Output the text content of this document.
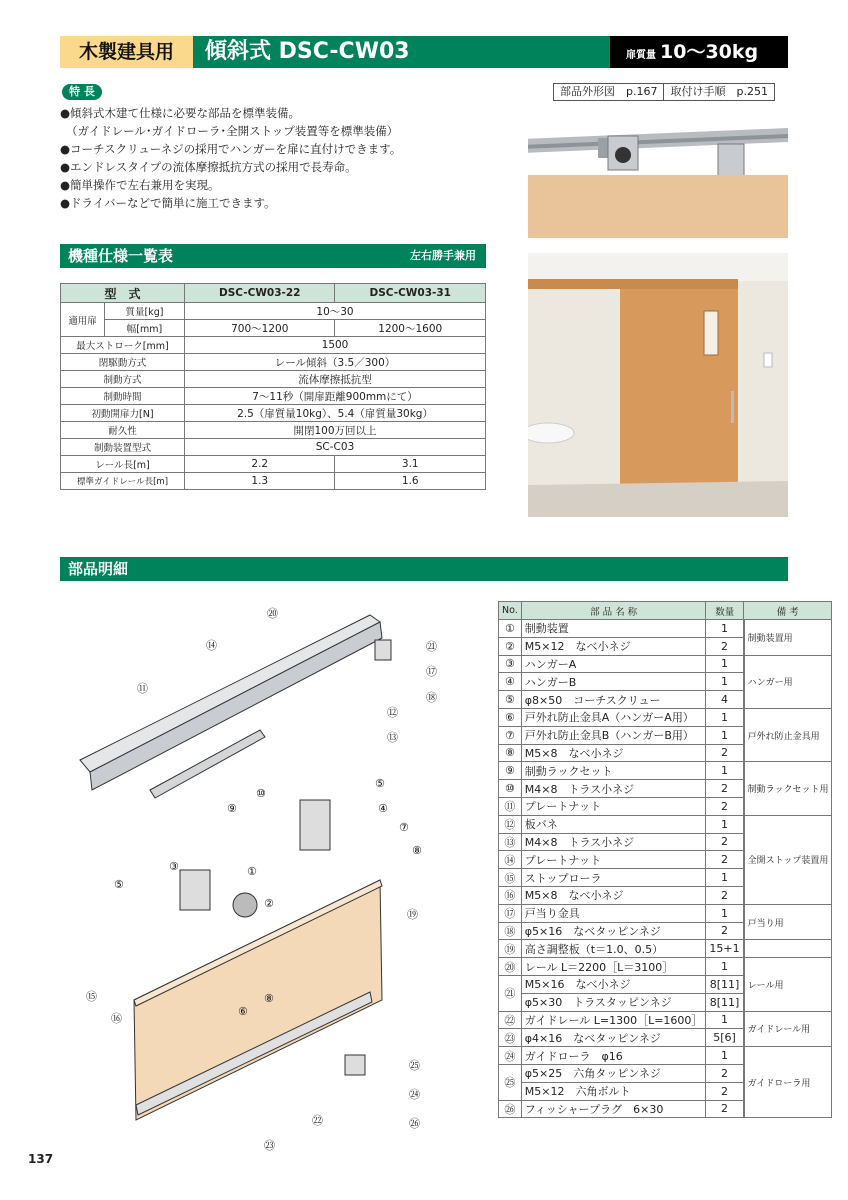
木製建具用	傾斜式 DSC-CW03	扉質量 10〜30kg
特 長
●傾斜式木建て仕様に必要な部品を標準装備。
（ガイドレール･ガイドローラ･全開ストップ装置等を標準装備）
●コーチスクリューネジの採用でハンガーを扉に直付けできます。
●エンドレスタイプの流体摩擦抵抗方式の採用で長寿命。
●簡単操作で左右兼用を実現。
●ドライバーなどで簡単に施工できます。
部品外形図　p.167	取付け手順　p.251
機種仕様一覧表	左右勝手兼用
型　式		DSC-CW03-22	DSC-CW03-31
適用扉	質量[kg]	10〜30	
	幅[mm]	700〜1200	1200〜1600
最大ストローク[mm]		1500	
閉駆動方式		レール傾斜（3.5／300）	
制動方式		流体摩擦抵抗型	
制動時間		7〜11秒（開扉距離900mmにて）	
初動開扉力[N]		2.5（扉質量10kg）、5.4（扉質量30kg）	
耐久性		開閉100万回以上	
制動装置型式		SC-C03	
レール長[m]		2.2	3.1
標準ガイドレール長[m]		1.3	1.6
部品明細
⑳
⑭	㉑
⑪
⑰
⑱
⑫
⑬
⑤
⑨
⑩
④
⑦
⑧
③	①
⑤
②
⑲
⑮
⑯
⑥
⑧
㉕
㉔
㉖
㉒
㉓
No.	部 品 名 称	数量	備 考
①	制動装置	1	制動装置用
②	M5×12　なべ小ネジ	2	
③	ハンガーA	1	ハンガー用
④	ハンガーB	1	
⑤	φ8×50　コーチスクリュー	4	
⑥	戸外れ防止金具A（ハンガーA用）	1	戸外れ防止金具用
⑦	戸外れ防止金具B（ハンガーB用）	1	
⑧	M5×8　なべ小ネジ	2	
⑨	制動ラックセット	1	制動ラックセット用
⑩	M4×8　トラス小ネジ	2	
⑪	プレートナット	2	
⑫	板バネ	1	全開ストップ装置用
⑬	M4×8　トラス小ネジ	2	
⑭	プレートナット	2	
⑮	ストップローラ	1	
⑯	M5×8　なべ小ネジ	2	
⑰	戸当り金具	1	戸当り用
⑱	φ5×16　なべタッピンネジ	2	
⑲	高さ調整板（t＝1.0、0.5）	15+1	
⑳	レール L＝2200［L＝3100］	1	レール用
㉑	M5×16　なべ小ネジ	8[11]	
	φ5×30　トラスタッピンネジ	8[11]	
㉒	ガイドレール L=1300［L=1600］	1	ガイドレール用
㉓	φ4×16　なべタッピンネジ	5[6]	
㉔	ガイドローラ　φ16	1	ガイドローラ用
㉕	φ5×25　六角タッピンネジ	2	
	M5×12　六角ボルト	2	
㉖	フィッシャープラグ　6×30	2	
137
